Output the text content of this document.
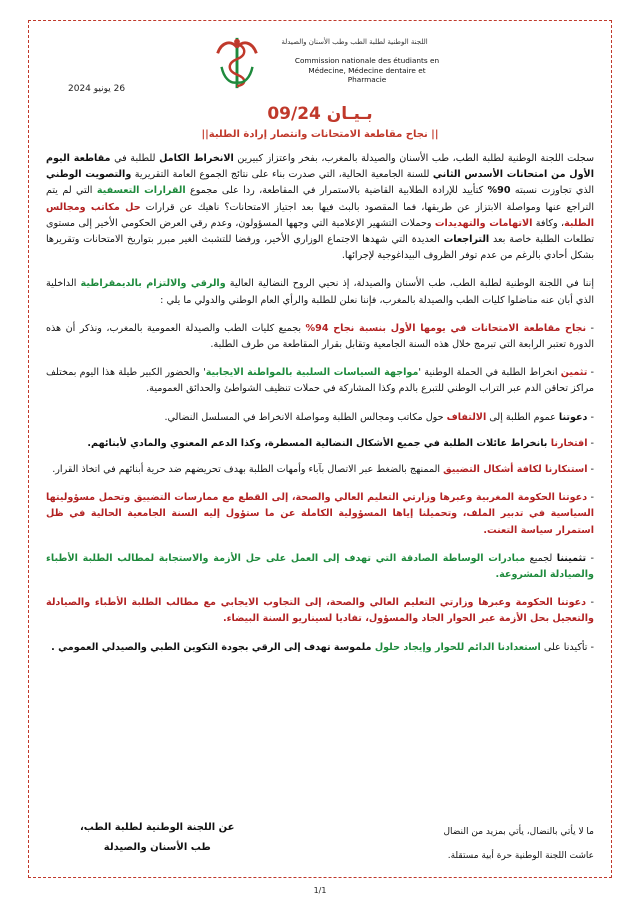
اللجنة الوطنية لطلبة الطب وطب الأسنان والصيدلة
Commission nationale des étudiants en
Médecine, Médecine dentaire et
Pharmacie
26 يونيو 2024
بـيـان 09/24
|| نجاح مقاطعة الامتحانات وانتصار إرادة الطلبة||

سجلت اللجنة الوطنية لطلبة الطب، طب الأسنان والصيدلة بالمغرب، بفخر واعتزاز كبيرين الانخراط الكامل للطلبة في مقاطعة اليوم الأول من امتحانات الأسدس الثاني للسنة الجامعية الحالية، التي صدرت بناء على نتائج الجموع العامة التقريرية والتصويت الوطني الذي تجاوزت نسبته 90% كتأييد للإرادة الطلابية القاضية بالاستمرار في المقاطعة، ردا على مجموع القرارات التعسفية التي لم يتم التراجع عنها ومواصلة الابتزاز عن طريقها، فما المقصود بالبث فيها بعد اجتياز الامتحانات؟ ناهيك عن قرارات حل مكاتب ومجالس الطلبة، وكافة الاتهامات والتهديدات وحملات التشهير الإعلامية التي وجهها المسؤولون، وعدم رقي العرض الحكومي الأخير إلى مستوى تطلعات الطلبة خاصة بعد التراجعات العديدة التي شهدها الاجتماع الوزاري الأخير، ورفضا للتشبث الغير مبرر بتواريخ الامتحانات وتقريرها بشكل أحادي بالرغم من عدم توفر الظروف البيداغوجية لإجرائها.

إننا في اللجنة الوطنية لطلبة الطب، طب الأسنان والصيدلة، إذ نحيي الروح النضالية العالية والرقي والالتزام بالديمقراطية الداخلية الذي أبان عنه مناضلوا كليات الطب والصيدلة بالمغرب، فإننا نعلن للطلبة والرأي العام الوطني والدولي ما يلي :

- نجاح مقاطعة الامتحانات في يومها الأول بنسبة نجاح 94% بجميع كليات الطب والصيدلة العمومية بالمغرب، ونذكر أن هذه الدورة تعتبر الرابعة التي تبرمج خلال هذه السنة الجامعية وتقابل بقرار المقاطعة من طرف الطلبة.

- تثمين انخراط الطلبة في الحملة الوطنية 'مواجهة السياسات السلبية بالمواطنة الايجابية' والحضور الكبير طيلة هذا اليوم بمختلف مراكز تحاقن الدم عبر التراب الوطني للتبرع بالدم وكذا المشاركة في حملات تنظيف الشواطئ والحدائق العمومية.

- دعوتنا عموم الطلبة إلى الالتفاف حول مكاتب ومجالس الطلبة ومواصلة الانخراط في المسلسل النضالي.

- افتخارنا بانخراط عائلات الطلبة في جميع الأشكال النضالية المسطرة، وكذا الدعم المعنوي والمادي لأبنائهم.

- استنكارنا لكافة أشكال التضييق الممنهج بالضغط عبر الاتصال بآباء وأمهات الطلبة بهدف تحريضهم ضد حرية أبنائهم في اتخاذ القرار.

- دعوتنا الحكومة المغربية وعبرها وزارتي التعليم العالي والصحة، إلى القطع مع ممارسات التضييق وتحمل مسؤوليتها السياسية في تدبير الملف، وتحميلنا إياها المسؤولية الكاملة عن ما ستؤول إليه السنة الجامعية الحالية في ظل استمرار سياسة التعنت.

- تثميننا لجميع مبادرات الوساطة الصادقة التي تهدف إلى العمل على حل الأزمة والاستجابة لمطالب الطلبة الأطباء والصيادلة المشروعة.

- دعوتنا الحكومة وعبرها وزارتي التعليم العالي والصحة، إلى التجاوب الايجابي مع مطالب الطلبة الأطباء والصيادلة والتعجيل بحل الأزمة عبر الحوار الجاد والمسؤول، تفاديا لسيناريو السنة البيضاء.

- تأكيدنا على استعدادنا الدائم للحوار وإيجاد حلول ملموسة تهدف إلى الرقي بجودة التكوين الطبي والصيدلي العمومي .

ما لا يأتي بالنضال، يأتي بمزيد من النضال
عاشت اللجنة الوطنية حرة أبية مستقلة.
عن اللجنة الوطنية لطلبة الطب،
طب الأسنان والصيدلة
1/1
